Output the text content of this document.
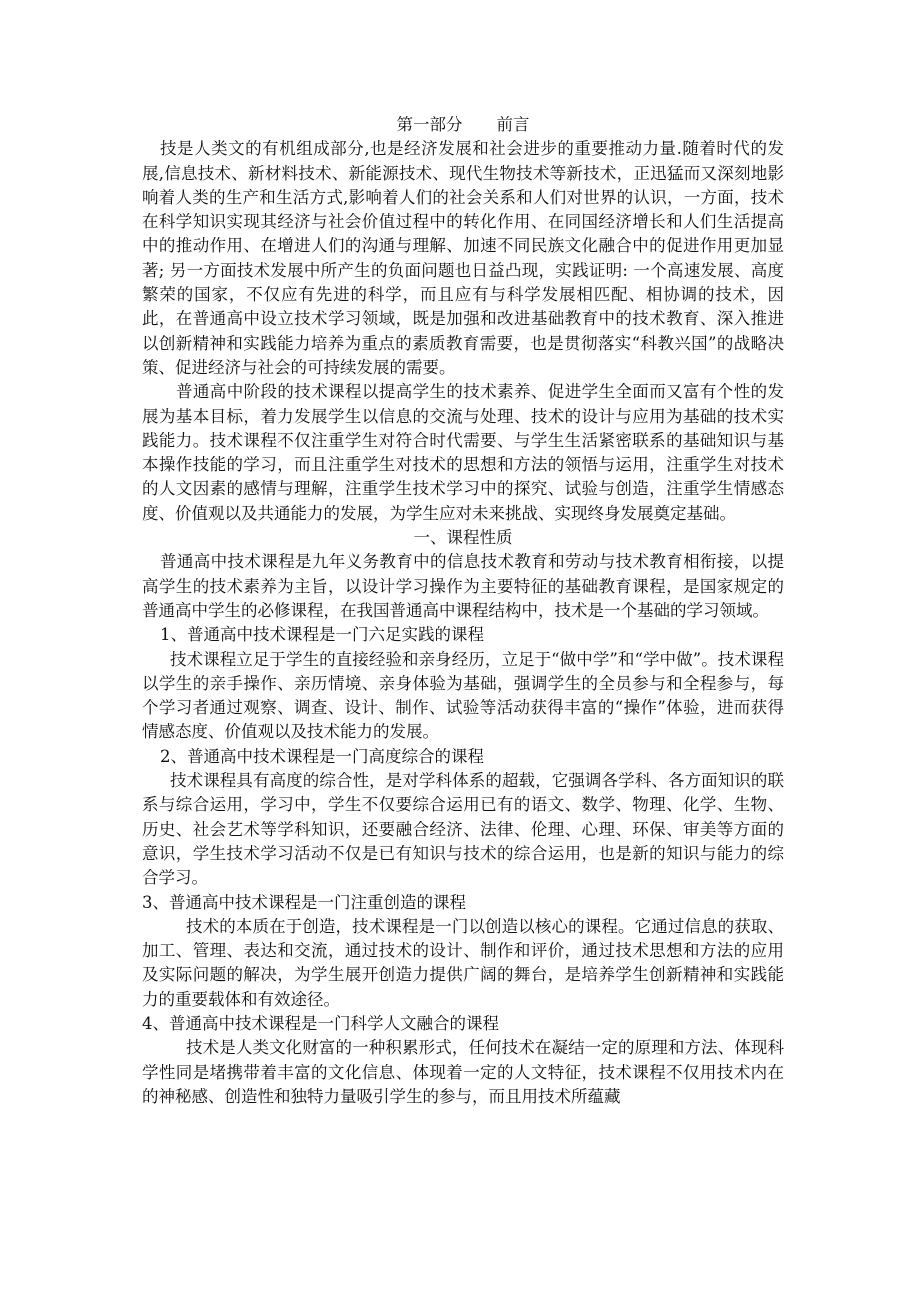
第一部分 前言

技是人类文的有机组成部分,也是经济发展和社会进步的重要推动力量.随着时代的发展,信息技术、新材料技术、新能源技术、现代生物技术等新技术，正迅猛而又深刻地影响着人类的生产和生活方式,影响着人们的社会关系和人们对世界的认识，一方面，技术在科学知识实现其经济与社会价值过程中的转化作用、在同国经济增长和人们生活提高中的推动作用、在增进人们的沟通与理解、加速不同民族文化融合中的促进作用更加显著; 另一方面技术发展中所产生的负面问题也日益凸现，实践证明: 一个高速发展、高度繁荣的国家，不仅应有先进的科学，而且应有与科学发展相匹配、相协调的技术，因此，在普通高中设立技术学习领域，既是加强和改进基础教育中的技术教育、深入推进以创新精神和实践能力培养为重点的素质教育需要，也是贯彻落实“科教兴国”的战略决策、促进经济与社会的可持续发展的需要。

普通高中阶段的技术课程以提高学生的技术素养、促进学生全面而又富有个性的发展为基本目标，着力发展学生以信息的交流与处理、技术的设计与应用为基础的技术实践能力。技术课程不仅注重学生对符合时代需要、与学生生活紧密联系的基础知识与基本操作技能的学习，而且注重学生对技术的思想和方法的领悟与运用，注重学生对技术的人文因素的感情与理解，注重学生技术学习中的探究、试验与创造，注重学生情感态度、价值观以及共通能力的发展，为学生应对未来挑战、实现终身发展奠定基础。

一、课程性质

普通高中技术课程是九年义务教育中的信息技术教育和劳动与技术教育相衔接，以提高学生的技术素养为主旨，以设计学习操作为主要特征的基础教育课程，是国家规定的普通高中学生的必修课程，在我国普通高中课程结构中，技术是一个基础的学习领域。

1、普通高中技术课程是一门六足实践的课程

技术课程立足于学生的直接经验和亲身经历，立足于“做中学”和“学中做”。技术课程以学生的亲手操作、亲历情境、亲身体验为基础，强调学生的全员参与和全程参与，每个学习者通过观察、调查、设计、制作、试验等活动获得丰富的“操作”体验，进而获得情感态度、价值观以及技术能力的发展。

2、普通高中技术课程是一门高度综合的课程

技术课程具有高度的综合性，是对学科体系的超载，它强调各学科、各方面知识的联系与综合运用，学习中，学生不仅要综合运用已有的语文、数学、物理、化学、生物、历史、社会艺术等学科知识，还要融合经济、法律、伦理、心理、环保、审美等方面的意识，学生技术学习活动不仅是已有知识与技术的综合运用，也是新的知识与能力的综合学习。

3、普通高中技术课程是一门注重创造的课程

技术的本质在于创造，技术课程是一门以创造以核心的课程。它通过信息的获取、加工、管理、表达和交流，通过技术的设计、制作和评价，通过技术思想和方法的应用及实际问题的解决，为学生展开创造力提供广阔的舞台，是培养学生创新精神和实践能力的重要载体和有效途径。

4、普通高中技术课程是一门科学人文融合的课程

技术是人类文化财富的一种积累形式，任何技术在凝结一定的原理和方法、体现科学性同是堵携带着丰富的文化信息、体现着一定的人文特征，技术课程不仅用技术内在的神秘感、创造性和独特力量吸引学生的参与，而且用技术所蕴藏
